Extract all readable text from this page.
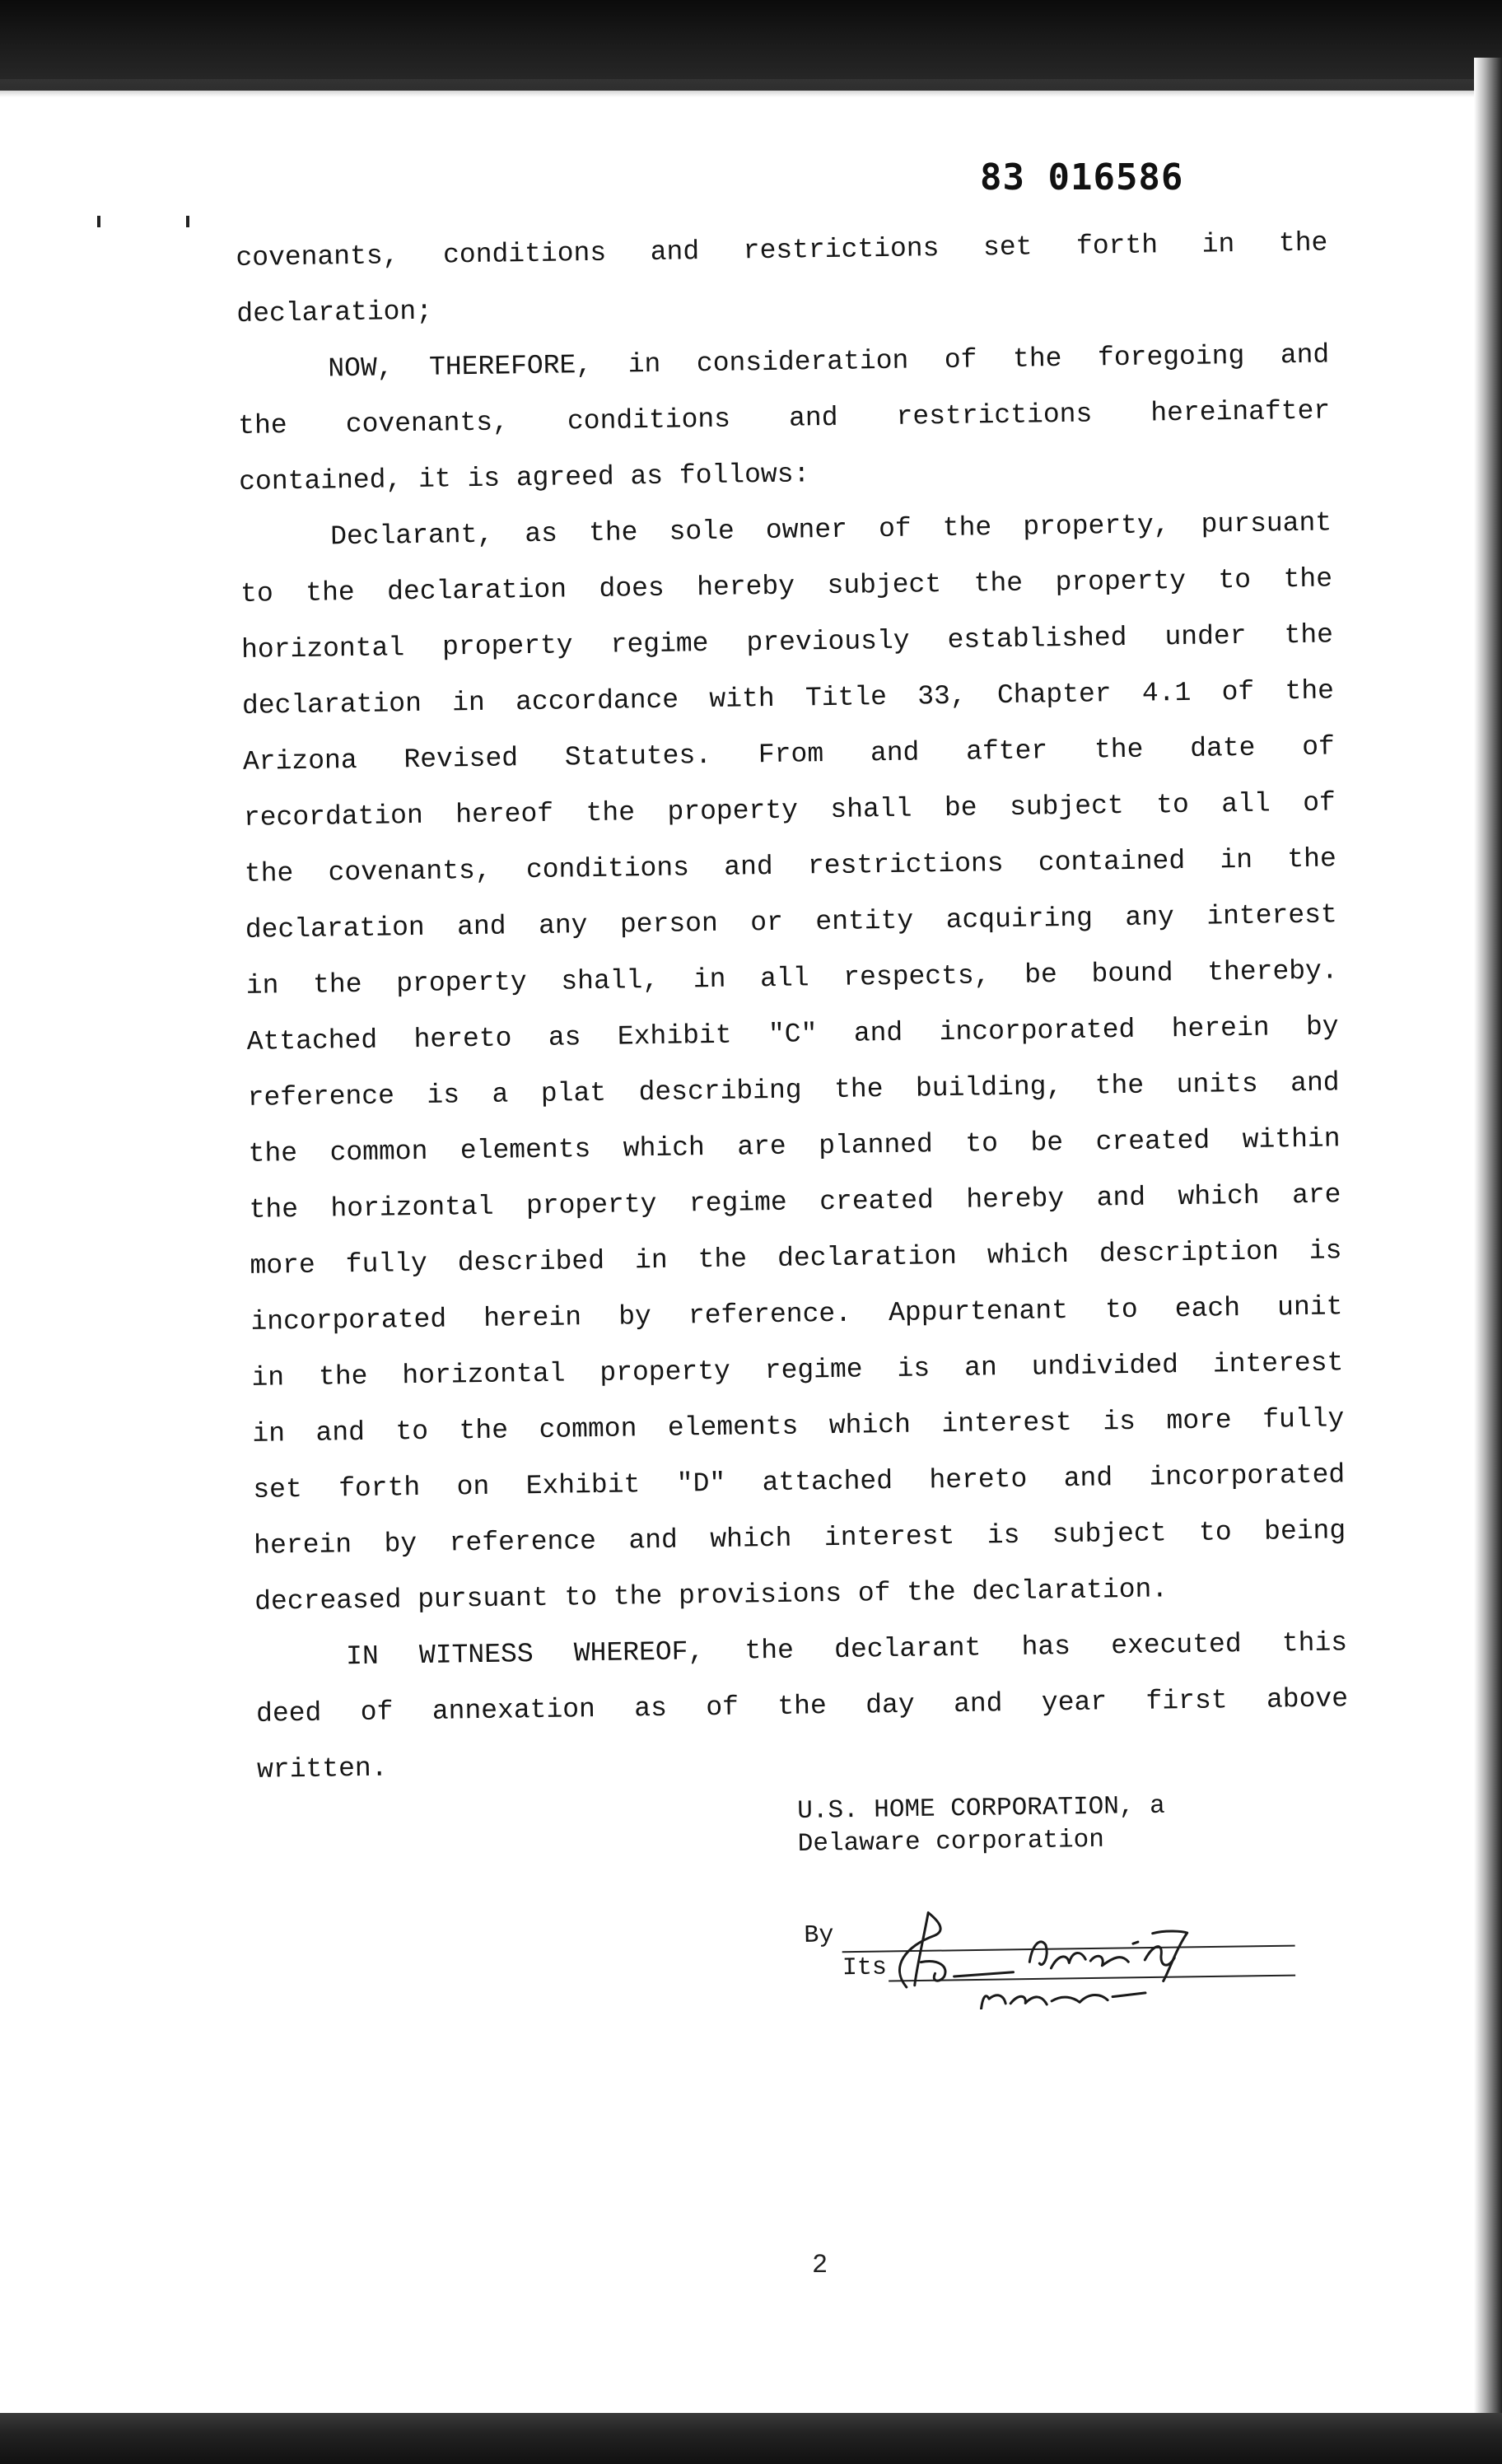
83 016586
covenants, conditions and restrictions set forth in the
declaration;
NOW, THEREFORE, in consideration of the foregoing and
the covenants, conditions and restrictions hereinafter
contained, it is agreed as follows:
Declarant, as the sole owner of the property, pursuant
to the declaration does hereby subject the property to the
horizontal property regime previously established under the
declaration in accordance with Title 33, Chapter 4.1 of the
Arizona Revised Statutes. From and after the date of
recordation hereof the property shall be subject to all of
the covenants, conditions and restrictions contained in the
declaration and any person or entity acquiring any interest
in the property shall, in all respects, be bound thereby.
Attached hereto as Exhibit "C" and incorporated herein by
reference is a plat describing the building, the units and
the common elements which are planned to be created within
the horizontal property regime created hereby and which are
more fully described in the declaration which description is
incorporated herein by reference. Appurtenant to each unit
in the horizontal property regime is an undivided interest
in and to the common elements which interest is more fully
set forth on Exhibit "D" attached hereto and incorporated
herein by reference and which interest is subject to being
decreased pursuant to the provisions of the declaration.
IN WITNESS WHEREOF, the declarant has executed this
deed of annexation as of the day and year first above
written.
U.S. HOME CORPORATION, a
Delaware corporation
By
Its
2
